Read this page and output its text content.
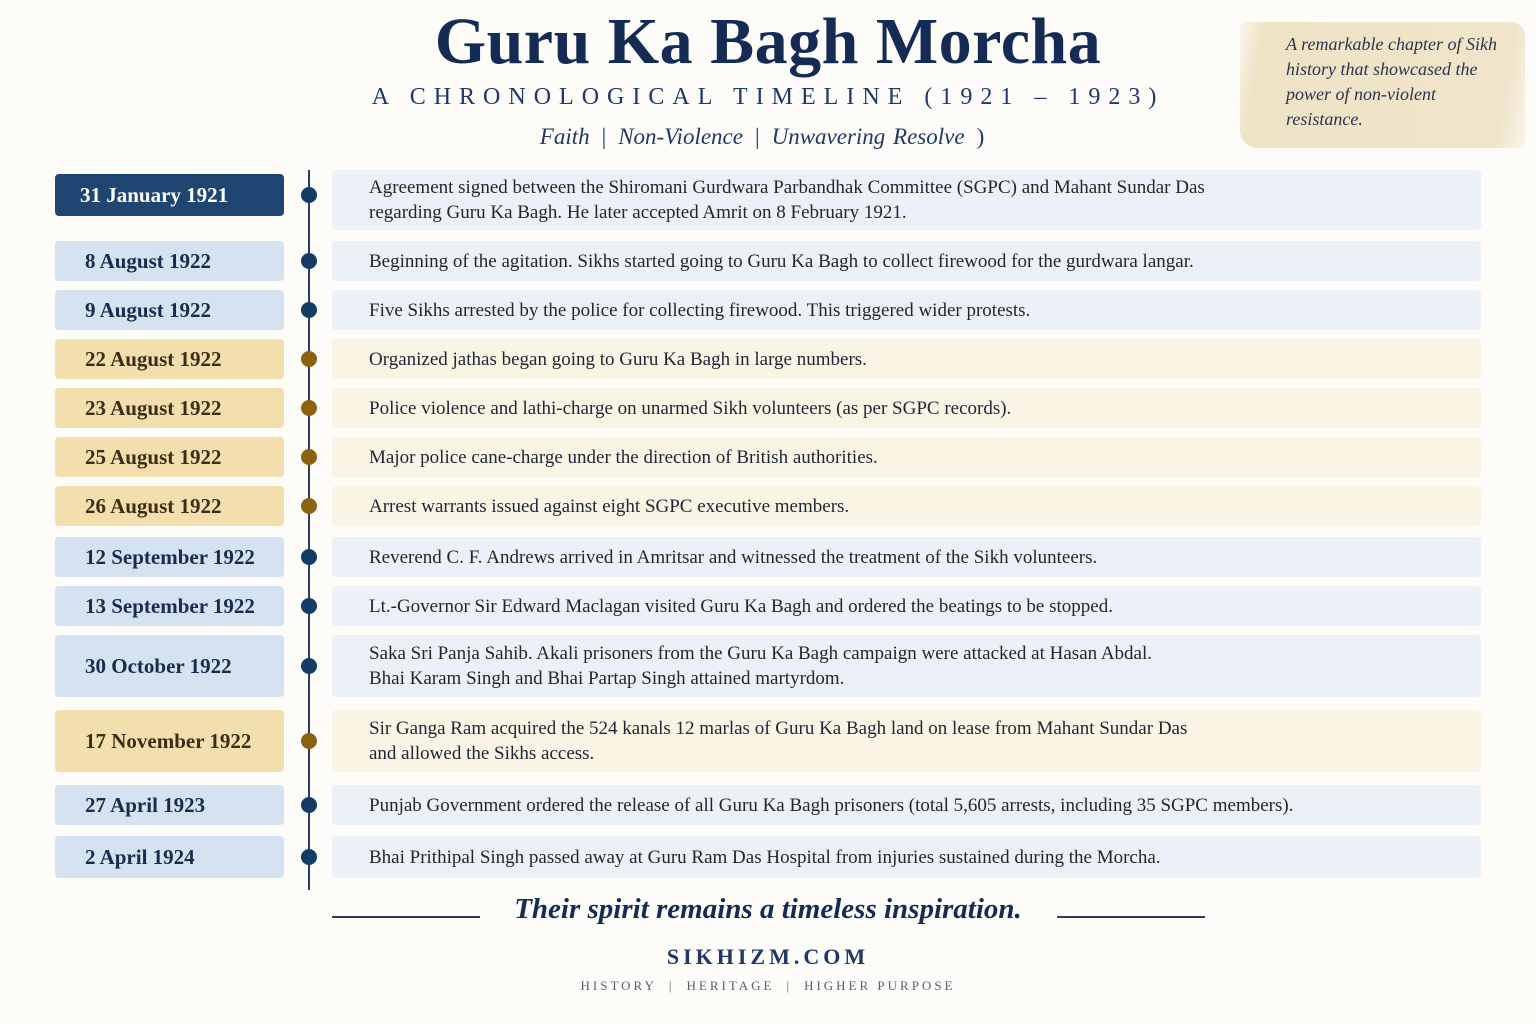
Guru Ka Bagh Morcha
A CHRONOLOGICAL TIMELINE (1921 – 1923)
Faith | Non-Violence | Unwavering Resolve )
A remarkable chapter of Sikh history that showcased the power of non-violent resistance.
31 January 1921	Agreement signed between the Shiromani Gurdwara Parbandhak Committee (SGPC) and Mahant Sundar Das
regarding Guru Ka Bagh. He later accepted Amrit on 8 February 1921.
8 August 1922	Beginning of the agitation. Sikhs started going to Guru Ka Bagh to collect firewood for the gurdwara langar.
9 August 1922	Five Sikhs arrested by the police for collecting firewood. This triggered wider protests.
22 August 1922	Organized jathas began going to Guru Ka Bagh in large numbers.
23 August 1922	Police violence and lathi-charge on unarmed Sikh volunteers (as per SGPC records).
25 August 1922	Major police cane-charge under the direction of British authorities.
26 August 1922	Arrest warrants issued against eight SGPC executive members.
12 September 1922	Reverend C. F. Andrews arrived in Amritsar and witnessed the treatment of the Sikh volunteers.
13 September 1922	Lt.-Governor Sir Edward Maclagan visited Guru Ka Bagh and ordered the beatings to be stopped.
30 October 1922	Saka Sri Panja Sahib. Akali prisoners from the Guru Ka Bagh campaign were attacked at Hasan Abdal.
Bhai Karam Singh and Bhai Partap Singh attained martyrdom.
17 November 1922	Sir Ganga Ram acquired the 524 kanals 12 marlas of Guru Ka Bagh land on lease from Mahant Sundar Das
and allowed the Sikhs access.
27 April 1923	Punjab Government ordered the release of all Guru Ka Bagh prisoners (total 5,605 arrests, including 35 SGPC members).
2 April 1924	Bhai Prithipal Singh passed away at Guru Ram Das Hospital from injuries sustained during the Morcha.
Their spirit remains a timeless inspiration.
SIKHIZM.COM
HISTORY | HERITAGE | HIGHER PURPOSE
